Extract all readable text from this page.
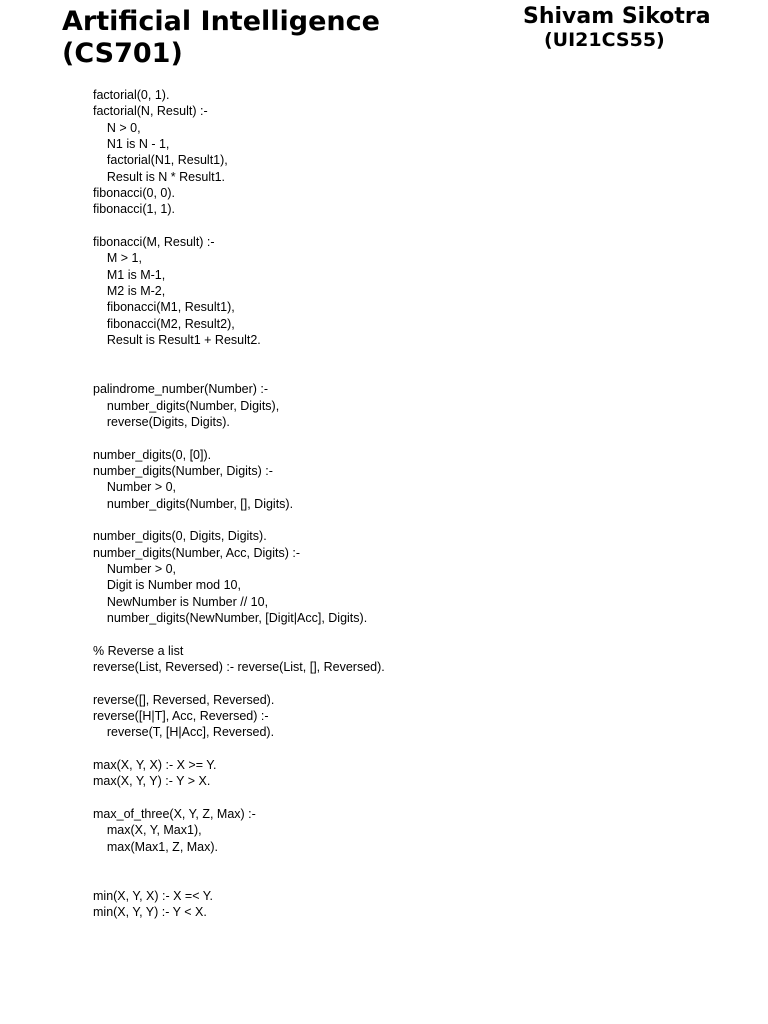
Artificial Intelligence
(CS701)
Shivam Sikotra
(UI21CS55)
factorial(0, 1).
factorial(N, Result) :-
N > 0,
N1 is N - 1,
factorial(N1, Result1),
Result is N * Result1.
fibonacci(0, 0).
fibonacci(1, 1).
fibonacci(M, Result) :-
M > 1,
M1 is M-1,
M2 is M-2,
fibonacci(M1, Result1),
fibonacci(M2, Result2),
Result is Result1 + Result2.
palindrome_number(Number) :-
number_digits(Number, Digits),
reverse(Digits, Digits).
number_digits(0, [0]).
number_digits(Number, Digits) :-
Number > 0,
number_digits(Number, [], Digits).
number_digits(0, Digits, Digits).
number_digits(Number, Acc, Digits) :-
Number > 0,
Digit is Number mod 10,
NewNumber is Number // 10,
number_digits(NewNumber, [Digit|Acc], Digits).
% Reverse a list
reverse(List, Reversed) :- reverse(List, [], Reversed).
reverse([], Reversed, Reversed).
reverse([H|T], Acc, Reversed) :-
reverse(T, [H|Acc], Reversed).
max(X, Y, X) :- X >= Y.
max(X, Y, Y) :- Y > X.
max_of_three(X, Y, Z, Max) :-
max(X, Y, Max1),
max(Max1, Z, Max).
min(X, Y, X) :- X =< Y.
min(X, Y, Y) :- Y < X.
